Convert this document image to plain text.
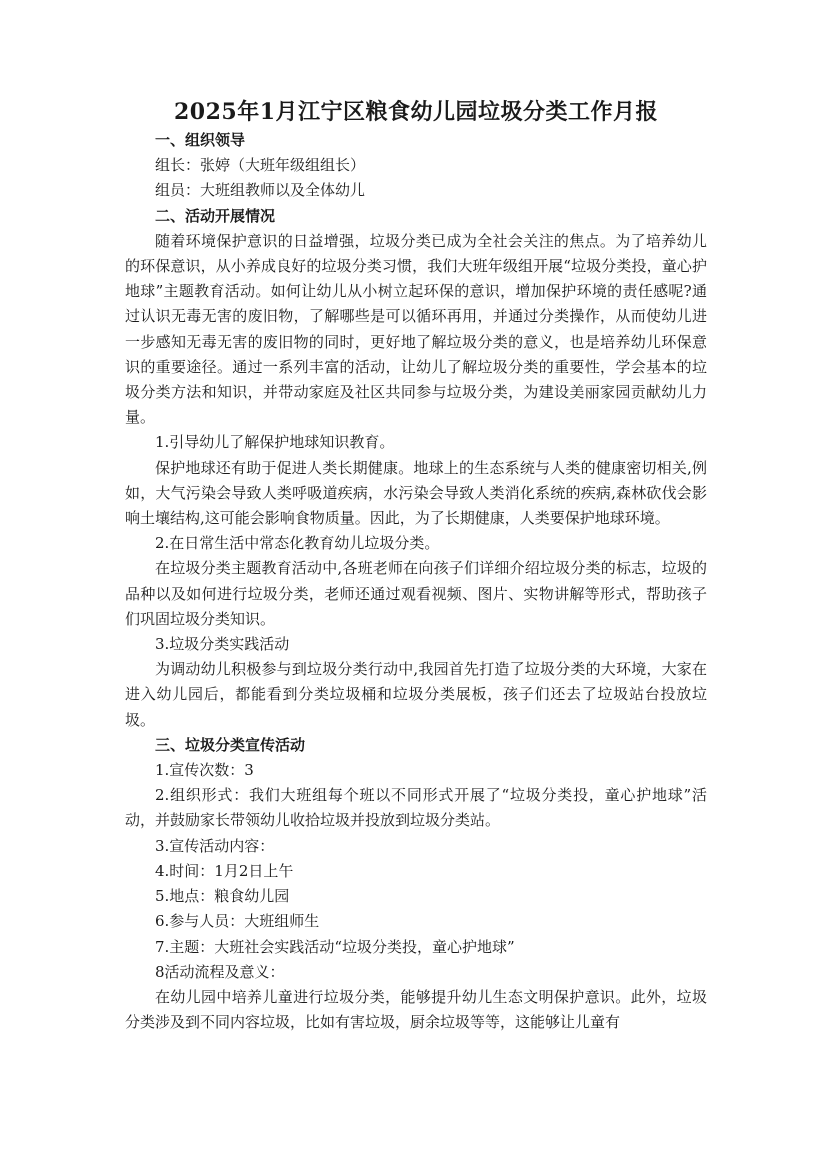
2025年1月江宁区粮食幼儿园垃圾分类工作月报

一、组织领导

组长：张婷（大班年级组组长）

组员：大班组教师以及全体幼儿

二、活动开展情况

随着环境保护意识的日益增强，垃圾分类已成为全社会关注的焦点。为了培养幼儿的环保意识，从小养成良好的垃圾分类习惯，我们大班年级组开展“垃圾分类投，童心护地球”主题教育活动。如何让幼儿从小树立起环保的意识，增加保护环境的责任感呢?通过认识无毒无害的废旧物，了解哪些是可以循环再用，并通过分类操作，从而使幼儿进一步感知无毒无害的废旧物的同时，更好地了解垃圾分类的意义，也是培养幼儿环保意识的重要途径。通过一系列丰富的活动，让幼儿了解垃圾分类的重要性，学会基本的垃圾分类方法和知识，并带动家庭及社区共同参与垃圾分类，为建设美丽家园贡献幼儿力量。

1.引导幼儿了解保护地球知识教育。

保护地球还有助于促进人类长期健康。地球上的生态系统与人类的健康密切相关,例如，大气污染会导致人类呼吸道疾病，水污染会导致人类消化系统的疾病,森林砍伐会影响土壤结构,这可能会影响食物质量。因此，为了长期健康，人类要保护地球环境。

2.在日常生活中常态化教育幼儿垃圾分类。

在垃圾分类主题教育活动中,各班老师在向孩子们详细介绍垃圾分类的标志，垃圾的品种以及如何进行垃圾分类，老师还通过观看视频、图片、实物讲解等形式，帮助孩子们巩固垃圾分类知识。

3.垃圾分类实践活动

为调动幼儿积极参与到垃圾分类行动中,我园首先打造了垃圾分类的大环境，大家在进入幼儿园后，都能看到分类垃圾桶和垃圾分类展板，孩子们还去了垃圾站台投放垃圾。

三、垃圾分类宣传活动

1.宣传次数：3

2.组织形式：我们大班组每个班以不同形式开展了“垃圾分类投，童心护地球”活动，并鼓励家长带领幼儿收拾垃圾并投放到垃圾分类站。

3.宣传活动内容：

4.时间：1月2日上午

5.地点：粮食幼儿园

6.参与人员：大班组师生

7.主题：大班社会实践活动“垃圾分类投，童心护地球”

8活动流程及意义：

在幼儿园中培养儿童进行垃圾分类，能够提升幼儿生态文明保护意识。此外，垃圾分类涉及到不同内容垃圾，比如有害垃圾，厨余垃圾等等，这能够让儿童有
